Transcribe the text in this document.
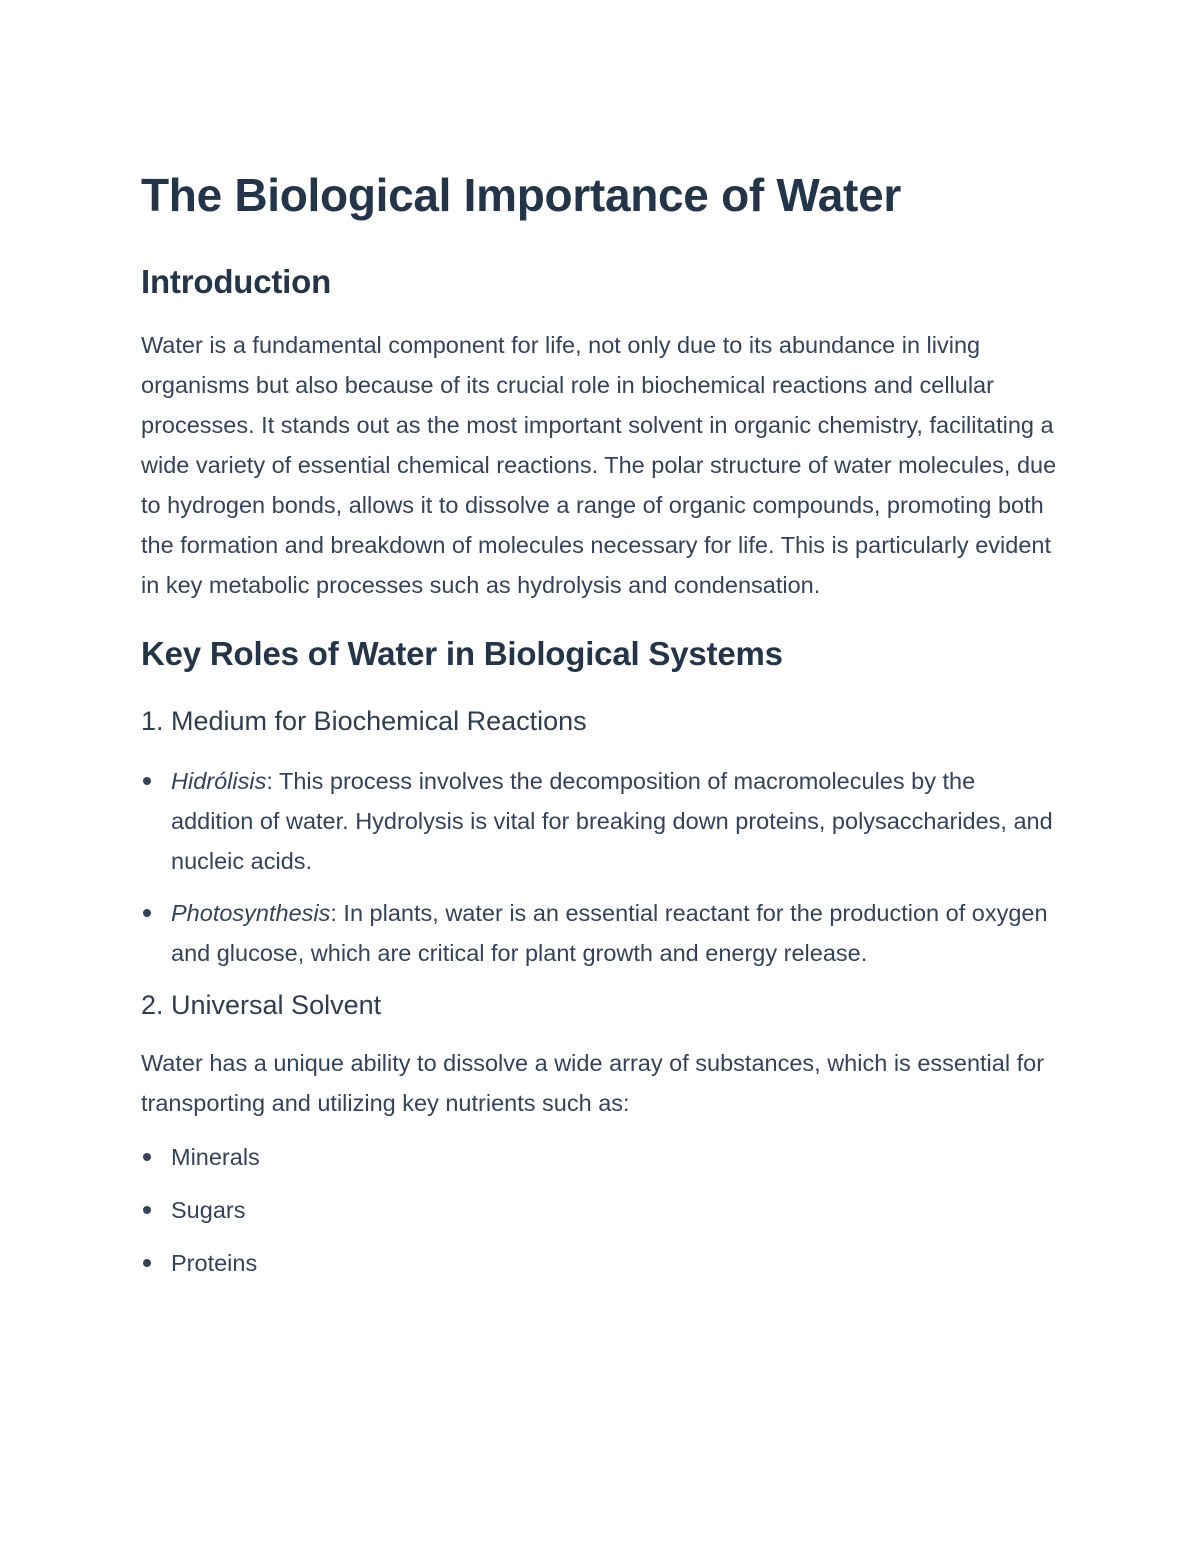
The Biological Importance of Water
Introduction

Water is a fundamental component for life, not only due to its abundance in living organisms but also because of its crucial role in biochemical reactions and cellular processes. It stands out as the most important solvent in organic chemistry, facilitating a wide variety of essential chemical reactions. The polar structure of water molecules, due to hydrogen bonds, allows it to dissolve a range of organic compounds, promoting both the formation and breakdown of molecules necessary for life. This is particularly evident in key metabolic processes such as hydrolysis and condensation.

Key Roles of Water in Biological Systems
1. Medium for Biochemical Reactions
Hidrólisis: This process involves the decomposition of macromolecules by the addition of water. Hydrolysis is vital for breaking down proteins, polysaccharides, and nucleic acids.
Photosynthesis: In plants, water is an essential reactant for the production of oxygen and glucose, which are critical for plant growth and energy release.
2. Universal Solvent

Water has a unique ability to dissolve a wide array of substances, which is essential for transporting and utilizing key nutrients such as:

Minerals
Sugars
Proteins
